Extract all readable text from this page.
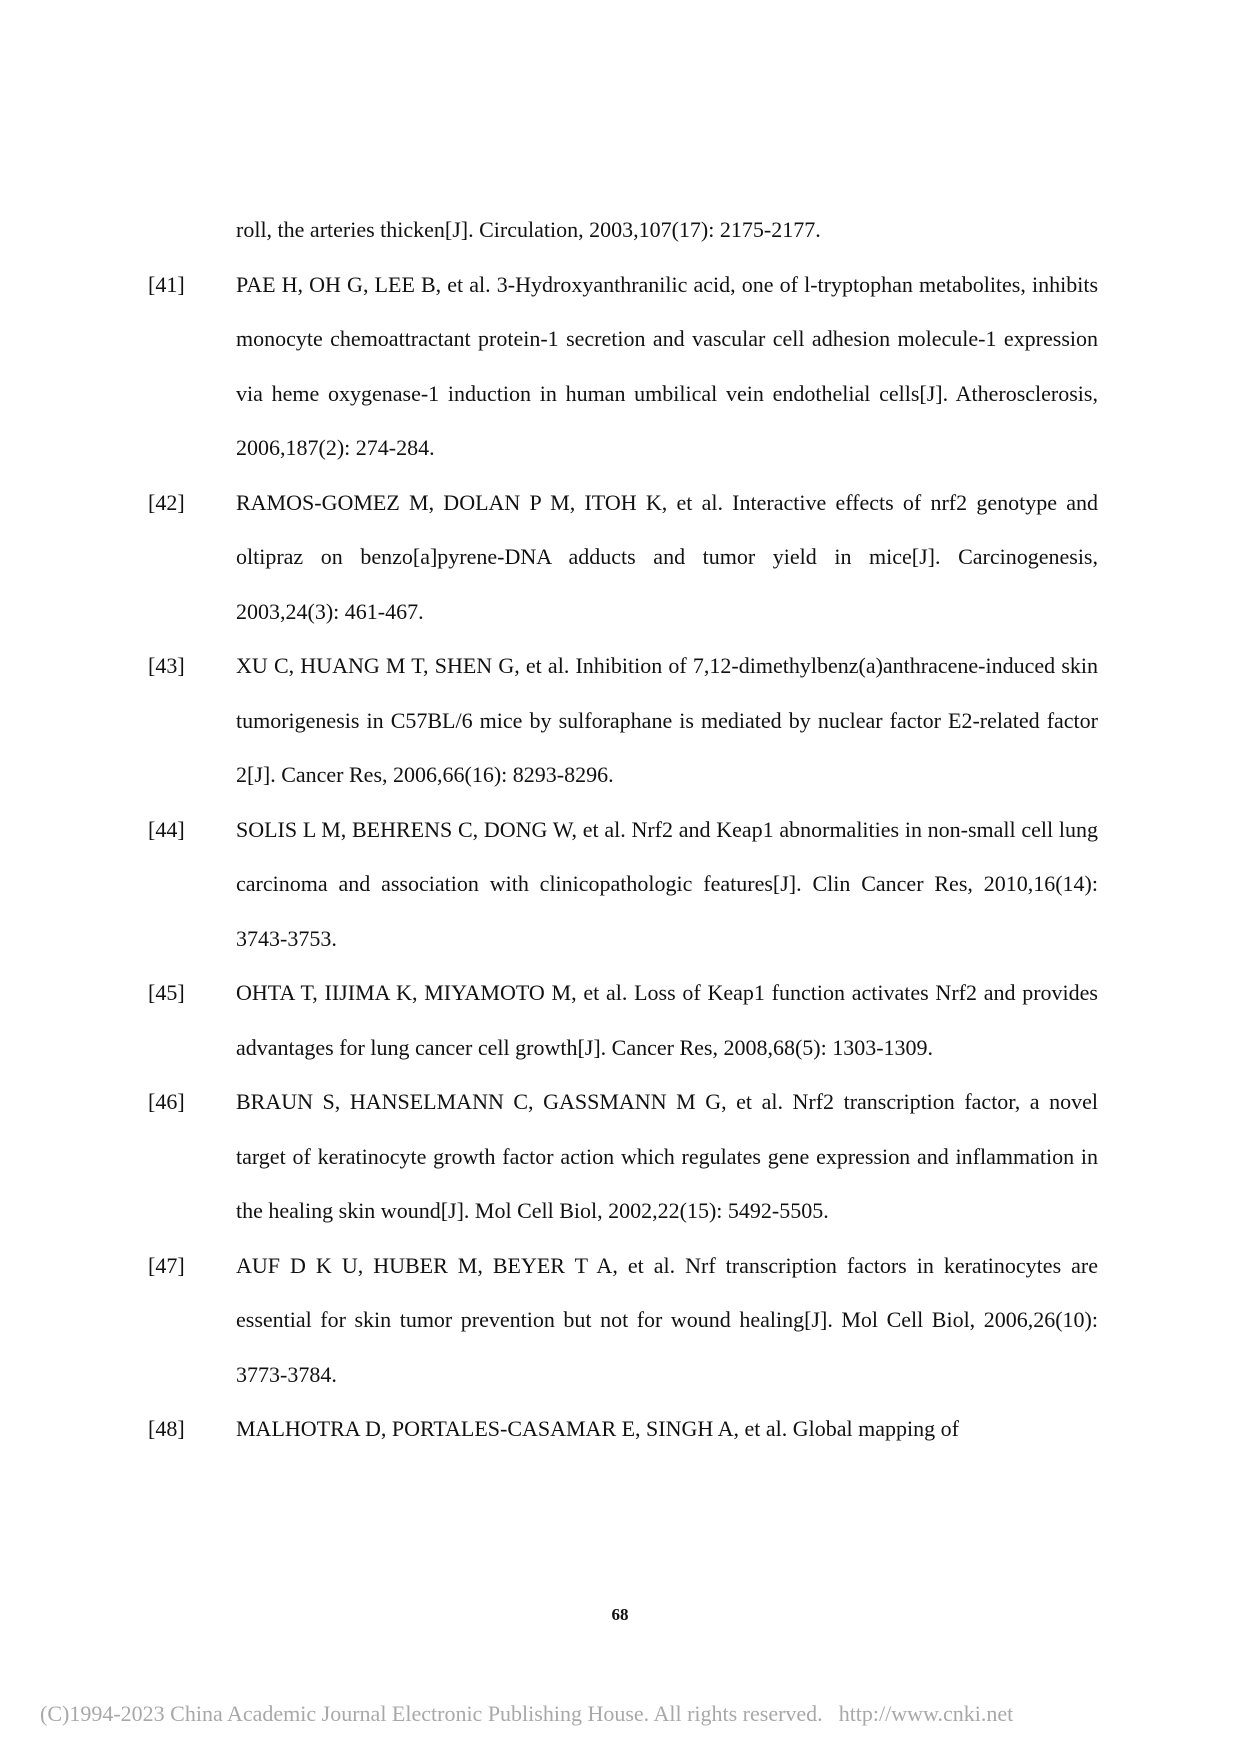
roll, the arteries thicken[J]. Circulation, 2003,107(17): 2175-2177.
[41]	PAE H, OH G, LEE B, et al. 3-Hydroxyanthranilic acid, one of l-tryptophan metabolites, inhibits monocyte chemoattractant protein-1 secretion and vascular cell adhesion molecule-1 expression via heme oxygenase-1 induction in human umbilical vein endothelial cells[J]. Atherosclerosis, 2006,187(2): 274-284.
[42]	RAMOS-GOMEZ M, DOLAN P M, ITOH K, et al. Interactive effects of nrf2 genotype and oltipraz on benzo[a]pyrene-DNA adducts and tumor yield in mice[J]. Carcinogenesis, 2003,24(3): 461-467.
[43]	XU C, HUANG M T, SHEN G, et al. Inhibition of 7,12-dimethylbenz(a)anthracene-induced skin tumorigenesis in C57BL/6 mice by sulforaphane is mediated by nuclear factor E2-related factor 2[J]. Cancer Res, 2006,66(16): 8293-8296.
[44]	SOLIS L M, BEHRENS C, DONG W, et al. Nrf2 and Keap1 abnormalities in non-small cell lung carcinoma and association with clinicopathologic features[J]. Clin Cancer Res, 2010,16(14): 3743-3753.
[45]	OHTA T, IIJIMA K, MIYAMOTO M, et al. Loss of Keap1 function activates Nrf2 and provides advantages for lung cancer cell growth[J]. Cancer Res, 2008,68(5): 1303-1309.
[46]	BRAUN S, HANSELMANN C, GASSMANN M G, et al. Nrf2 transcription factor, a novel target of keratinocyte growth factor action which regulates gene expression and inflammation in the healing skin wound[J]. Mol Cell Biol, 2002,22(15): 5492-5505.
[47]	AUF D K U, HUBER M, BEYER T A, et al. Nrf transcription factors in keratinocytes are essential for skin tumor prevention but not for wound healing[J]. Mol Cell Biol, 2006,26(10): 3773-3784.
[48]	MALHOTRA D, PORTALES-CASAMAR E, SINGH A, et al. Global mapping of
68
(C)1994-2023 China Academic Journal Electronic Publishing House. All rights reserved. http://www.cnki.net
